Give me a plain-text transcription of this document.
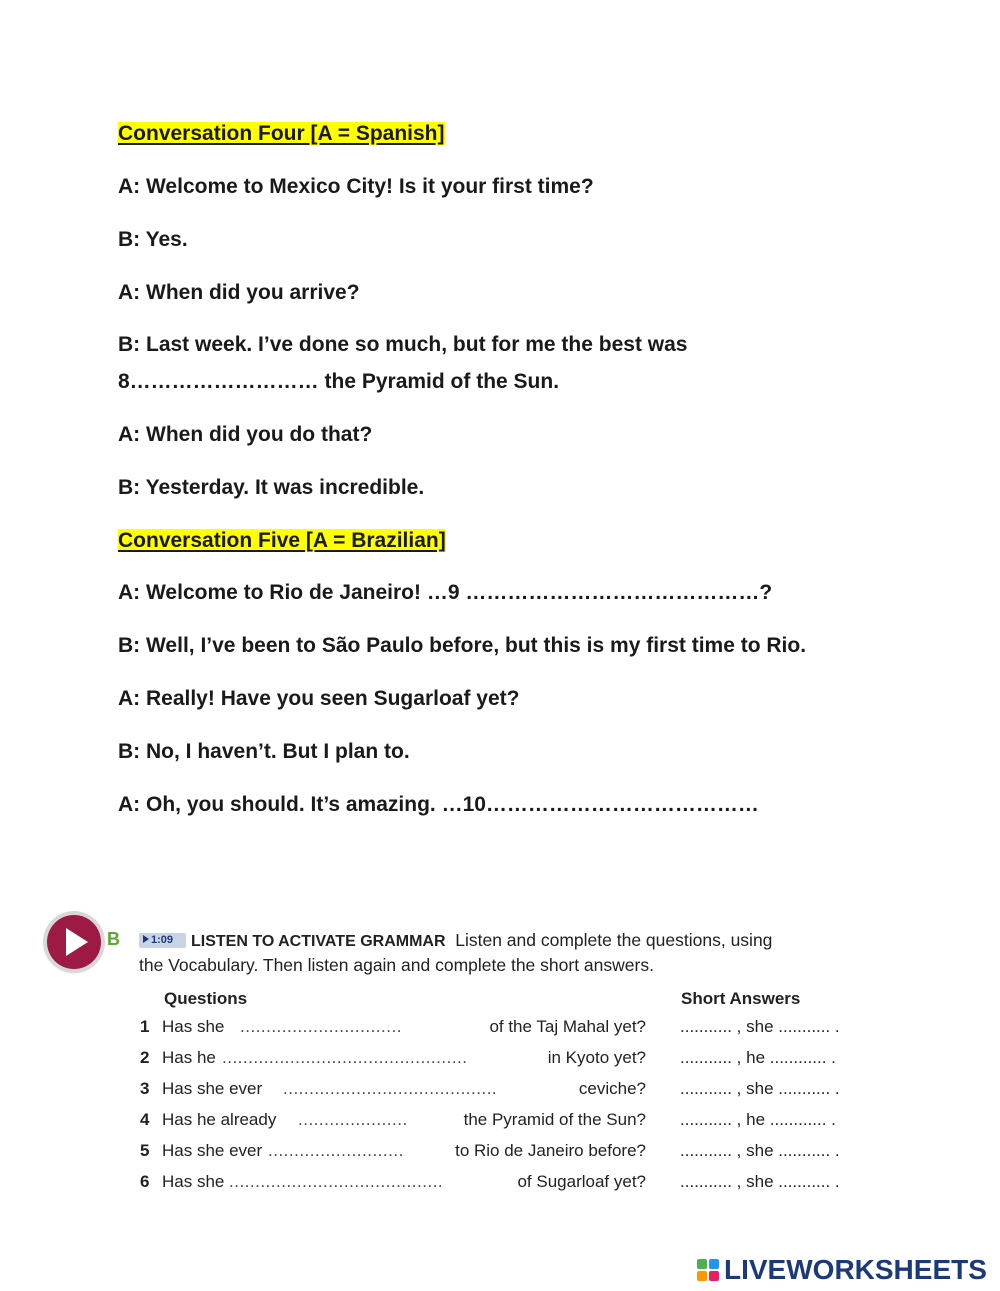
Conversation Four [A = Spanish]
A: Welcome to Mexico City! Is it your first time?
B: Yes.
A: When did you arrive?
B: Last week. I’ve done so much, but for me the best was
8……………………… the Pyramid of the Sun.
A: When did you do that?
B: Yesterday. It was incredible.
Conversation Five [A = Brazilian]
A: Welcome to Rio de Janeiro! …9 ……………………………………?
B: Well, I’ve been to São Paulo before, but this is my first time to Rio.
A: Really! Have you seen Sugarloaf yet?
B: No, I haven’t. But I plan to.
A: Oh, you should. It’s amazing. …10…………………………………
B	1:09	LISTEN TO ACTIVATE GRAMMAR Listen and complete the questions, using
the Vocabulary. Then listen again and complete the short answers.
Questions	Short Answers
1 Has she ...............................	of the Taj Mahal yet? ........... , she ........... .
2 Has he ...............................................	in Kyoto yet? ........... , he ............ .
3 Has she ever .........................................	ceviche? ........... , she ........... .
4 Has he already .....................	the Pyramid of the Sun? ........... , he ............ .
5 Has she ever ..........................	to Rio de Janeiro before? ........... , she ........... .
6 Has she .........................................	of Sugarloaf yet? ........... , she ........... .
LIVEWORKSHEETS
